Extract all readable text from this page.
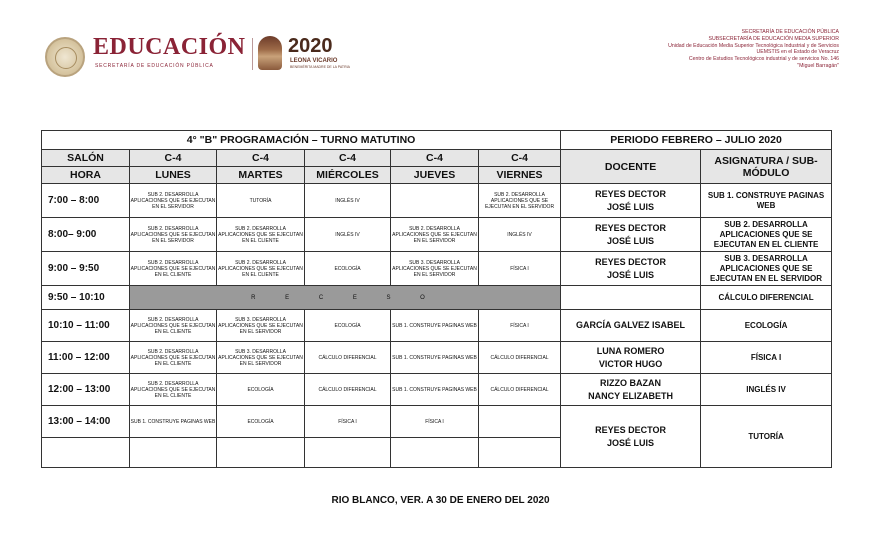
EDUCACIÓN
SECRETARÍA DE EDUCACIÓN PÚBLICA
2020
LEONA VICARIO
BENEMÉRITA MADRE DE LA PATRIA
SECRETARÍA DE EDUCACIÓN PÚBLICA
SUBSECRETARÍA DE EDUCACIÓN MEDIA SUPERIOR
Unidad de Educación Media Superior Tecnológica Industrial y de Servicios
UEMSTIS en el Estado de Veracruz
Centro de Estudios Tecnológicos industrial y de servicios No. 146
"Miguel Barragán"
4° "B" PROGRAMACIÓN – TURNO MATUTINO						PERIODO FEBRERO – JULIO 2020	
SALÓN	C-4	C-4	C-4	C-4	C-4	DOCENTE	ASIGNATURA / SUB-MÓDULO
HORA	LUNES	MARTES	MIÉRCOLES	JUEVES	VIERNES		
7:00 – 8:00	SUB 2. DESARROLLA APLICACIONES QUE SE EJECUTAN EN EL SERVIDOR	TUTORÍA	INGLÉS IV		SUB 2. DESARROLLA APLICACIONES QUE SE EJECUTAN EN EL SERVIDOR	REYES DECTOR
JOSÉ LUIS	SUB 1. CONSTRUYE PAGINAS WEB
8:00– 9:00	SUB 2. DESARROLLA APLICACIONES QUE SE EJECUTAN EN EL SERVIDOR	SUB 2. DESARROLLA APLICACIONES QUE SE EJECUTAN EN EL CLIENTE	INGLÉS IV	SUB 2. DESARROLLA APLICACIONES QUE SE EJECUTAN EN EL SERVIDOR	INGLÉS IV	REYES DECTOR
JOSÉ LUIS	SUB 2. DESARROLLA APLICACIONES QUE SE EJECUTAN EN EL CLIENTE
9:00 – 9:50	SUB 2. DESARROLLA APLICACIONES QUE SE EJECUTAN EN EL CLIENTE	SUB 2. DESARROLLA APLICACIONES QUE SE EJECUTAN EN EL CLIENTE	ECOLOGÍA	SUB 3. DESARROLLA APLICACIONES QUE SE EJECUTAN EN EL SERVIDOR	FÍSICA I	REYES DECTOR
JOSÉ LUIS	SUB 3. DESARROLLA APLICACIONES QUE SE EJECUTAN EN EL SERVIDOR
9:50 – 10:10	R E C E S O						CÁLCULO DIFERENCIAL
10:10 – 11:00	SUB 2. DESARROLLA APLICACIONES QUE SE EJECUTAN EN EL CLIENTE	SUB 3. DESARROLLA APLICACIONES QUE SE EJECUTAN EN EL SERVIDOR	ECOLOGÍA	SUB 1. CONSTRUYE PAGINAS WEB	FÍSICA I	GARCÍA GALVEZ ISABEL	ECOLOGÍA
11:00 – 12:00	SUB 2. DESARROLLA APLICACIONES QUE SE EJECUTAN EN EL CLIENTE	SUB 3. DESARROLLA APLICACIONES QUE SE EJECUTAN EN EL SERVIDOR	CÁLCULO DIFERENCIAL	SUB 1. CONSTRUYE PAGINAS WEB	CÁLCULO DIFERENCIAL	LUNA ROMERO
VICTOR HUGO	FÍSICA I
12:00 – 13:00	SUB 2. DESARROLLA APLICACIONES QUE SE EJECUTAN EN EL CLIENTE	ECOLOGÍA	CÁLCULO DIFERENCIAL	SUB 1. CONSTRUYE PAGINAS WEB	CÁLCULO DIFERENCIAL	RIZZO BAZAN
NANCY ELIZABETH	INGLÉS IV
13:00 – 14:00	SUB 1. CONSTRUYE PAGINAS WEB	ECOLOGÍA	FÍSICA I	FÍSICA I		REYES DECTOR
JOSÉ LUIS	TUTORÍA

RIO BLANCO, VER. A 30 DE ENERO DEL 2020
